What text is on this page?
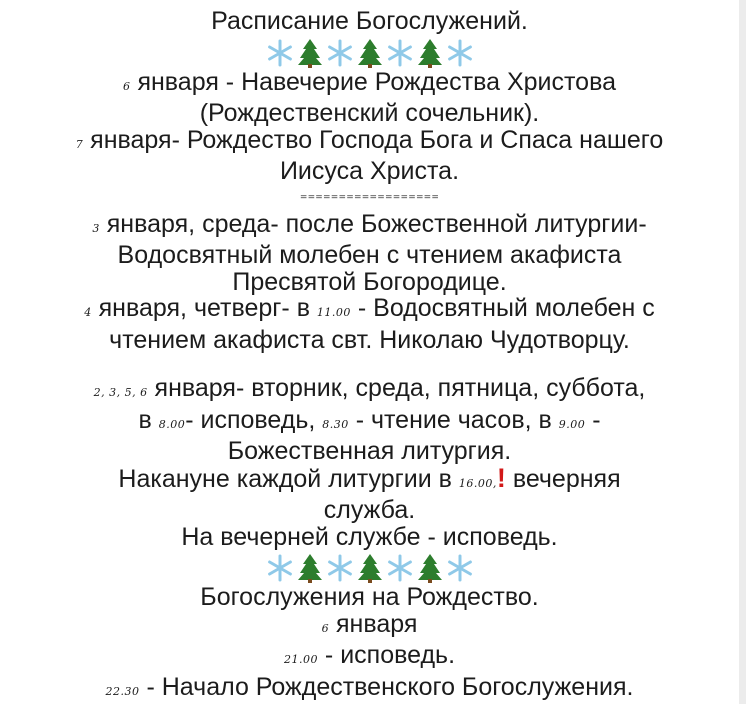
Расписание Богослужений.
6 января - Навечерие Рождества Христова
(Рождественский сочельник).
7 января- Рождество Господа Бога и Спаса нашего
Иисуса Христа.
==================
3 января, среда- после Божественной литургии-
Водосвятный молебен с чтением акафиста
Пресвятой Богородице.
4 января, четверг- в 11.00 - Водосвятный молебен с
чтением акафиста свт. Николаю Чудотворцу.
2, 3, 5, 6 января- вторник, среда, пятница, суббота,
в 8.00- исповедь, 8.30 - чтение часов, в 9.00 -
Божественная литургия.
Накануне каждой литургии в 16.00,! вечерняя
служба.
На вечерней службе - исповедь.
Богослужения на Рождество.
6 января
21.00 - исповедь.
22.30 - Начало Рождественского Богослужения.
